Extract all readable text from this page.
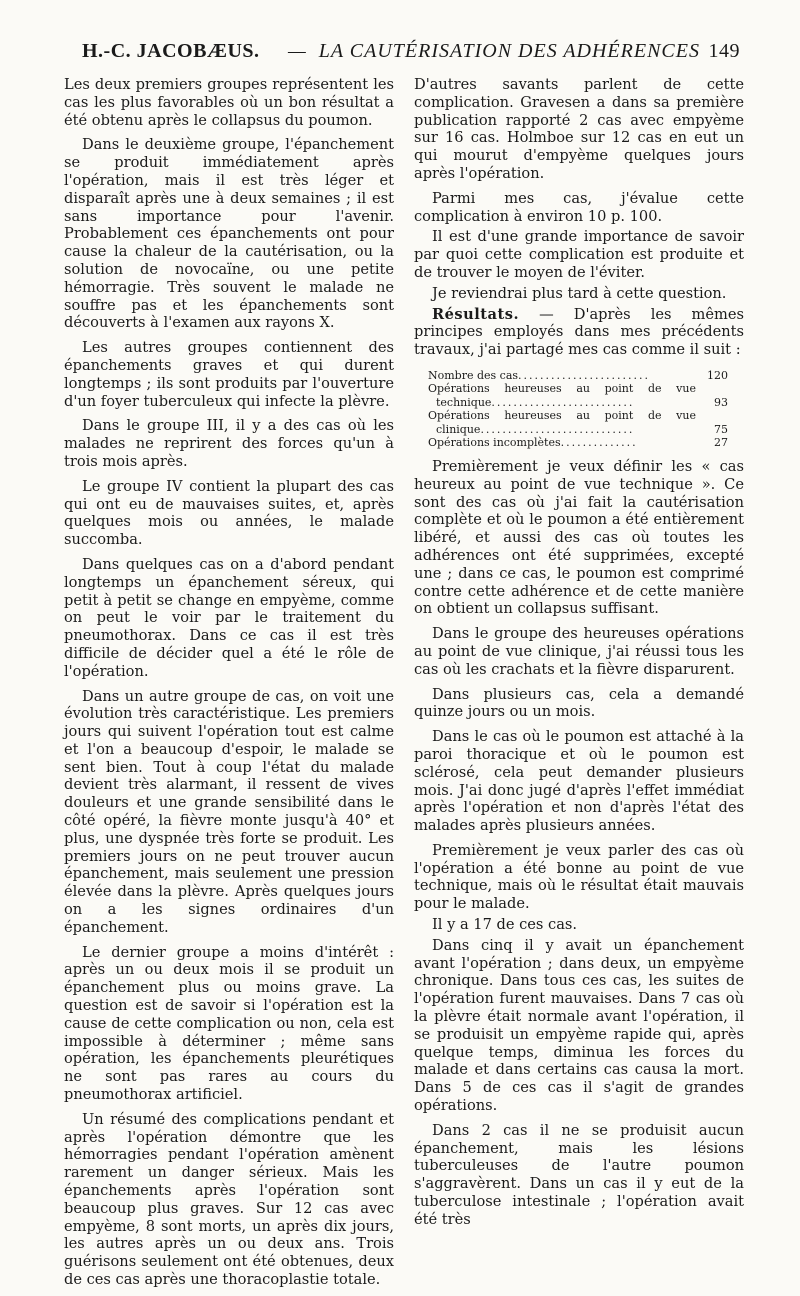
H.-C. JACOBÆUS. — LA CAUTÉRISATION DES ADHÉRENCES 149

Les deux premiers groupes représentent les cas les plus favorables où un bon résultat a été obtenu après le collapsus du poumon.

Dans le deuxième groupe, l'épanchement se produit immédiatement après l'opération, mais il est très léger et disparaît après une à deux semaines ; il est sans importance pour l'avenir. Probablement ces épanchements ont pour cause la chaleur de la cautérisation, ou la solution de novocaïne, ou une petite hémorragie. Très souvent le malade ne souffre pas et les épanchements sont découverts à l'examen aux rayons X.

Les autres groupes contiennent des épanchements graves et qui durent longtemps ; ils sont produits par l'ouverture d'un foyer tuberculeux qui infecte la plèvre.

Dans le groupe III, il y a des cas où les malades ne reprirent des forces qu'un à trois mois après.

Le groupe IV contient la plupart des cas qui ont eu de mauvaises suites, et, après quelques mois ou années, le malade succomba.

Dans quelques cas on a d'abord pendant longtemps un épanchement séreux, qui petit à petit se change en empyème, comme on peut le voir par le traitement du pneumothorax. Dans ce cas il est très difficile de décider quel a été le rôle de l'opération.

Dans un autre groupe de cas, on voit une évolution très caractéristique. Les premiers jours qui suivent l'opération tout est calme et l'on a beaucoup d'espoir, le malade se sent bien. Tout à coup l'état du malade devient très alarmant, il ressent de vives douleurs et une grande sensibilité dans le côté opéré, la fièvre monte jusqu'à 40° et plus, une dyspnée très forte se produit. Les premiers jours on ne peut trouver aucun épanchement, mais seulement une pression élevée dans la plèvre. Après quelques jours on a les signes ordinaires d'un épanchement.

Le dernier groupe a moins d'intérêt : après un ou deux mois il se produit un épanchement plus ou moins grave. La question est de savoir si l'opération est la cause de cette complication ou non, cela est impossible à déterminer ; même sans opération, les épanchements pleurétiques ne sont pas rares au cours du pneumothorax artificiel.

Un résumé des complications pendant et après l'opération démontre que les hémorragies pendant l'opération amènent rarement un danger sérieux. Mais les épanchements après l'opération sont beaucoup plus graves. Sur 12 cas avec empyème, 8 sont morts, un après dix jours, les autres après un ou deux ans. Trois guérisons seulement ont été obtenues, deux de ces cas après une thoracoplastie totale.

D'autres savants parlent de cette complication. Gravesen a dans sa première publication rapporté 2 cas avec empyème sur 16 cas. Holmboe sur 12 cas en eut un qui mourut d'empyème quelques jours après l'opération.

Parmi mes cas, j'évalue cette complication à environ 10 p. 100.

Il est d'une grande importance de savoir par quoi cette complication est produite et de trouver le moyen de l'éviter.

Je reviendrai plus tard à cette question.

Résultats. — D'après les mêmes principes employés dans mes précédents travaux, j'ai partagé mes cas comme il suit :

Nombre des cas........................	120

Opérations heureuses au point de vue technique..........................	93

Opérations heureuses au point de vue clinique............................	75
Opérations incomplètes..............	27

Premièrement je veux définir les « cas heureux au point de vue technique ». Ce sont des cas où j'ai fait la cautérisation complète et où le poumon a été entièrement libéré, et aussi des cas où toutes les adhérences ont été supprimées, excepté une ; dans ce cas, le poumon est comprimé contre cette adhérence et de cette manière on obtient un collapsus suffisant.

Dans le groupe des heureuses opérations au point de vue clinique, j'ai réussi tous les cas où les crachats et la fièvre disparurent.

Dans plusieurs cas, cela a demandé quinze jours ou un mois.

Dans le cas où le poumon est attaché à la paroi thoracique et où le poumon est sclérosé, cela peut demander plusieurs mois. J'ai donc jugé d'après l'effet immédiat après l'opération et non d'après l'état des malades après plusieurs années.

Premièrement je veux parler des cas où l'opération a été bonne au point de vue technique, mais où le résultat était mauvais pour le malade.

Il y a 17 de ces cas.

Dans cinq il y avait un épanchement avant l'opération ; dans deux, un empyème chronique. Dans tous ces cas, les suites de l'opération furent mauvaises. Dans 7 cas où la plèvre était normale avant l'opération, il se produisit un empyème rapide qui, après quelque temps, diminua les forces du malade et dans certains cas causa la mort. Dans 5 de ces cas il s'agit de grandes opérations.

Dans 2 cas il ne se produisit aucun épanchement, mais les lésions tuberculeuses de l'autre poumon s'aggravèrent. Dans un cas il y eut de la tuberculose intestinale ; l'opération avait été très
